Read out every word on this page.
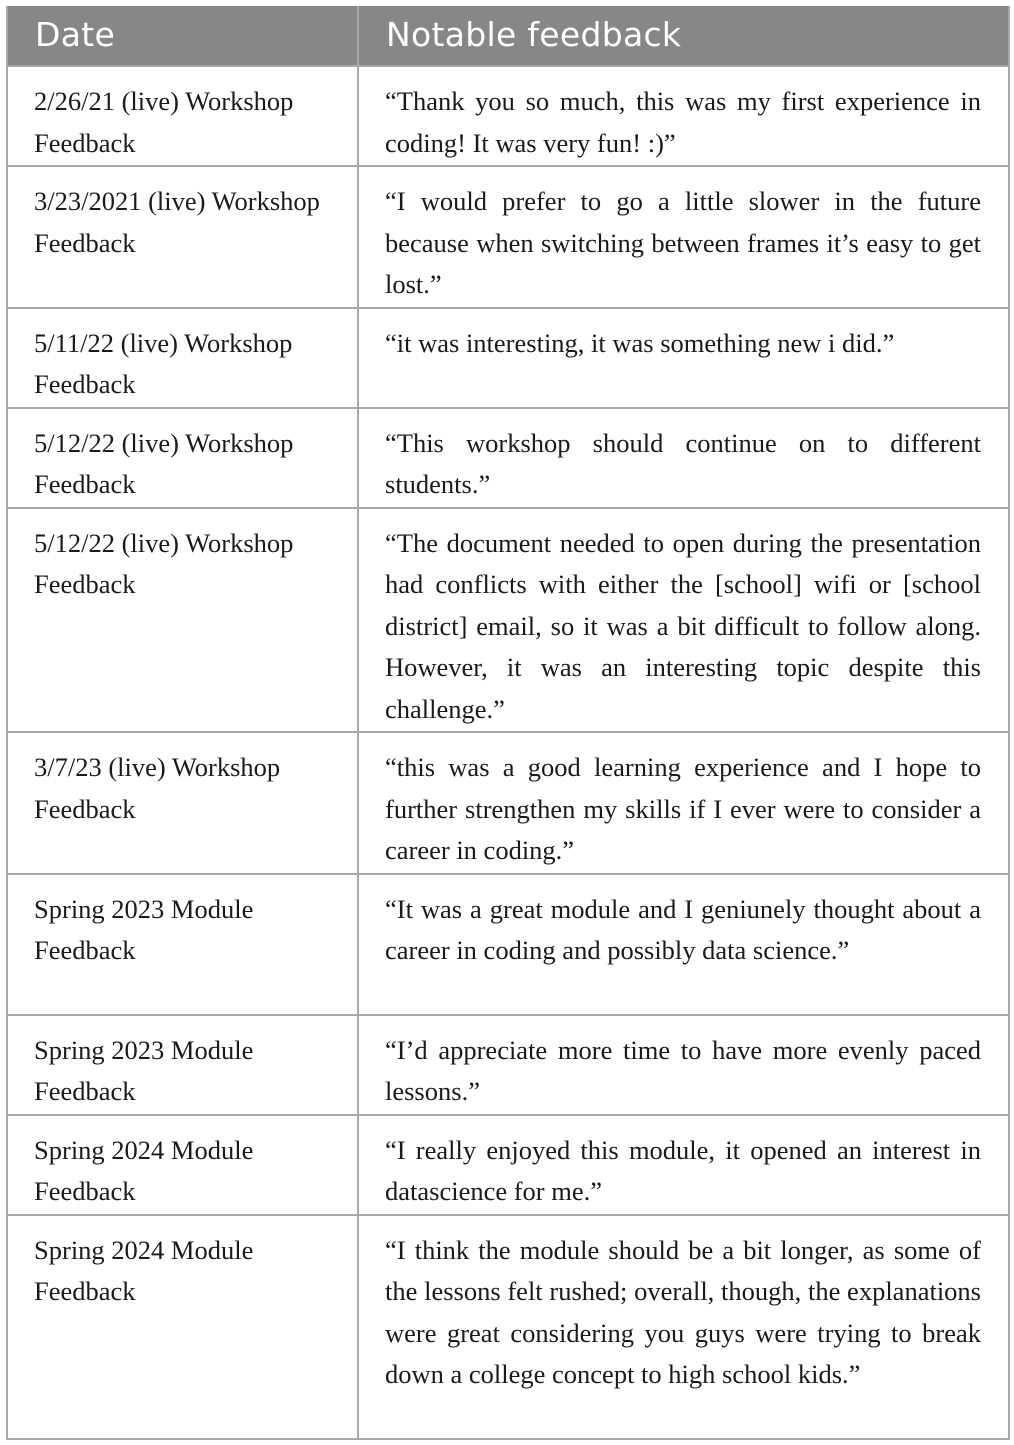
Date	Notable feedback
2/26/21 (live) Workshop Feedback	“Thank you so much, this was my first experience in coding! It was very fun! :)”
3/23/2021 (live) Workshop Feedback	“I would prefer to go a little slower in the future because when switching between frames it’s easy to get lost.”
5/11/22 (live) Workshop Feedback	“it was interesting, it was something new i did.”
5/12/22 (live) Workshop Feedback	“This workshop should continue on to different students.”
5/12/22 (live) Workshop Feedback	“The document needed to open during the presentation had conflicts with either the [school] wifi or [school district] email, so it was a bit difficult to follow along. However, it was an interesting topic despite this challenge.”
3/7/23 (live) Workshop Feedback	“this was a good learning experience and I hope to further strengthen my skills if I ever were to consider a career in coding.”
Spring 2023 Module Feedback	“It was a great module and I geniunely thought about a career in coding and possibly data science.”
Spring 2023 Module Feedback	“I’d appreciate more time to have more evenly paced lessons.”
Spring 2024 Module Feedback	“I really enjoyed this module, it opened an interest in datascience for me.”
Spring 2024 Module Feedback	“I think the module should be a bit longer, as some of the lessons felt rushed; overall, though, the explanations were great considering you guys were trying to break down a college concept to high school kids.”
